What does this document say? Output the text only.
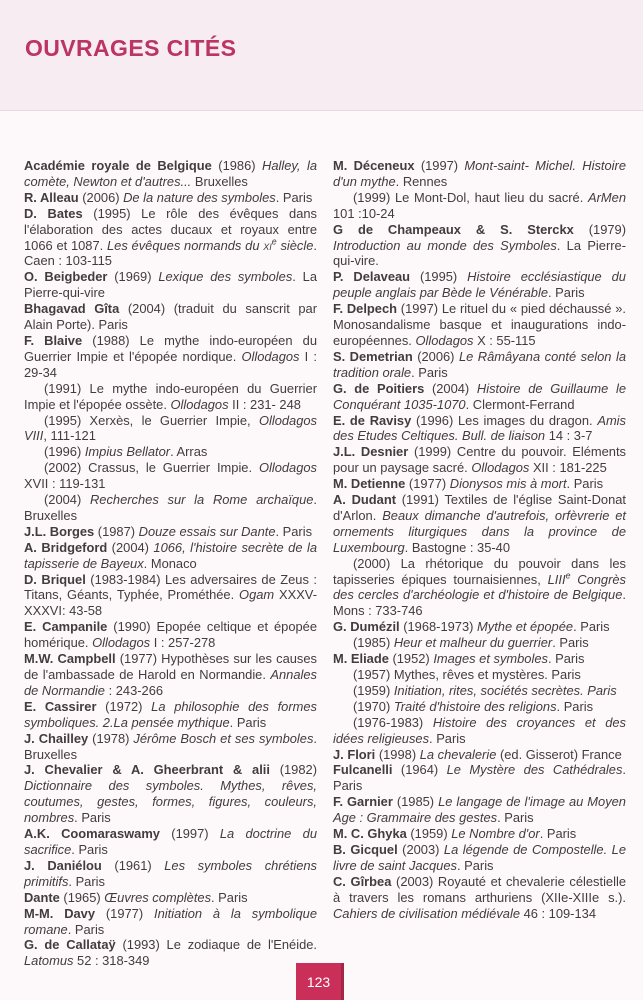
OUVRAGES CITÉS

Académie royale de Belgique (1986) Halley, la comète, Newton et d'autres... Bruxelles

R. Alleau (2006) De la nature des symboles. Paris

D. Bates (1995) Le rôle des évêques dans l'élaboration des actes ducaux et royaux entre 1066 et 1087. Les évêques normands du $xi^e$ siècle. Caen : 103-115

O. Beigbeder (1969) Lexique des symboles. La Pierre-qui-vire

Bhagavad Gîta (2004) (traduit du sanscrit par Alain Porte). Paris

F. Blaive (1988) Le mythe indo-européen du Guerrier Impie et l'épopée nordique. Ollodagos I : 29-34

(1991) Le mythe indo-européen du Guerrier Impie et l'épopée ossète. Ollodagos II : 231- 248

(1995) Xerxès, le Guerrier Impie, Ollodagos VIII, 111-121

(1996) Impius Bellator. Arras

(2002) Crassus, le Guerrier Impie. Ollodagos XVII : 119-131

(2004) Recherches sur la Rome archaïque. Bruxelles

J.L. Borges (1987) Douze essais sur Dante. Paris

A. Bridgeford (2004) 1066, l'histoire secrète de la tapisserie de Bayeux. Monaco

D. Briquel (1983-1984) Les adversaires de Zeus : Titans, Géants, Typhée, Prométhée. Ogam XXXV-XXXVI: 43-58

E. Campanile (1990) Epopée celtique et épopée homérique. Ollodagos I : 257-278

M.W. Campbell (1977) Hypothèses sur les causes de l'ambassade de Harold en Normandie. Annales de Normandie : 243-266

E. Cassirer (1972) La philosophie des formes symboliques. 2.La pensée mythique. Paris

J. Chailley (1978) Jérôme Bosch et ses symboles. Bruxelles

J. Chevalier & A. Gheerbrant & alii (1982) Dictionnaire des symboles. Mythes, rêves, coutumes, gestes, formes, figures, couleurs, nombres. Paris

A.K. Coomaraswamy (1997) La doctrine du sacrifice. Paris

J. Daniélou (1961) Les symboles chrétiens primitifs. Paris

Dante (1965) Œuvres complètes. Paris

M-M. Davy (1977) Initiation à la symbolique romane. Paris

G. de Callataÿ (1993) Le zodiaque de l'Enéide. Latomus 52 : 318-349

M. Déceneux (1997) Mont-saint- Michel. Histoire d'un mythe. Rennes

(1999) Le Mont-Dol, haut lieu du sacré. ArMen 101 :10-24

G de Champeaux & S. Sterckx (1979) Introduction au monde des Symboles. La Pierre-qui-vire.

P. Delaveau (1995) Histoire ecclésiastique du peuple anglais par Bède le Vénérable. Paris

F. Delpech (1997) Le rituel du « pied déchaussé ». Monosandalisme basque et inaugurations indo-européennes. Ollodagos X : 55-115

S. Demetrian (2006) Le Râmâyana conté selon la tradition orale. Paris

G. de Poitiers (2004) Histoire de Guillaume le Conquérant 1035-1070. Clermont-Ferrand

E. de Ravisy (1996) Les images du dragon. Amis des Etudes Celtiques. Bull. de liaison 14 : 3-7

J.L. Desnier (1999) Centre du pouvoir. Eléments pour un paysage sacré. Ollodagos XII : 181-225

M. Detienne (1977) Dionysos mis à mort. Paris

A. Dudant (1991) Textiles de l'église Saint-Donat d'Arlon. Beaux dimanche d'autrefois, orfèvrerie et ornements liturgiques dans la province de Luxembourg. Bastogne : 35-40

(2000) La rhétorique du pouvoir dans les tapisseries épiques tournaisiennes, LIIIe Congrès des cercles d'archéologie et d'histoire de Belgique. Mons : 733-746

G. Dumézil (1968-1973) Mythe et épopée. Paris

(1985) Heur et malheur du guerrier. Paris

M. Eliade (1952) Images et symboles. Paris

(1957) Mythes, rêves et mystères. Paris

(1959) Initiation, rites, sociétés secrètes. Paris

(1970) Traité d'histoire des religions. Paris

(1976-1983) Histoire des croyances et des idées religieuses. Paris

J. Flori (1998) La chevalerie (ed. Gisserot) France

Fulcanelli (1964) Le Mystère des Cathédrales. Paris

F. Garnier (1985) Le langage de l'image au Moyen Age : Grammaire des gestes. Paris

M. C. Ghyka (1959) Le Nombre d'or. Paris

B. Gicquel (2003) La légende de Compostelle. Le livre de saint Jacques. Paris

C. Gîrbea (2003) Royauté et chevalerie célestielle à travers les romans arthuriens (XIIe-XIIIe s.). Cahiers de civilisation médiévale 46 : 109-134

123
